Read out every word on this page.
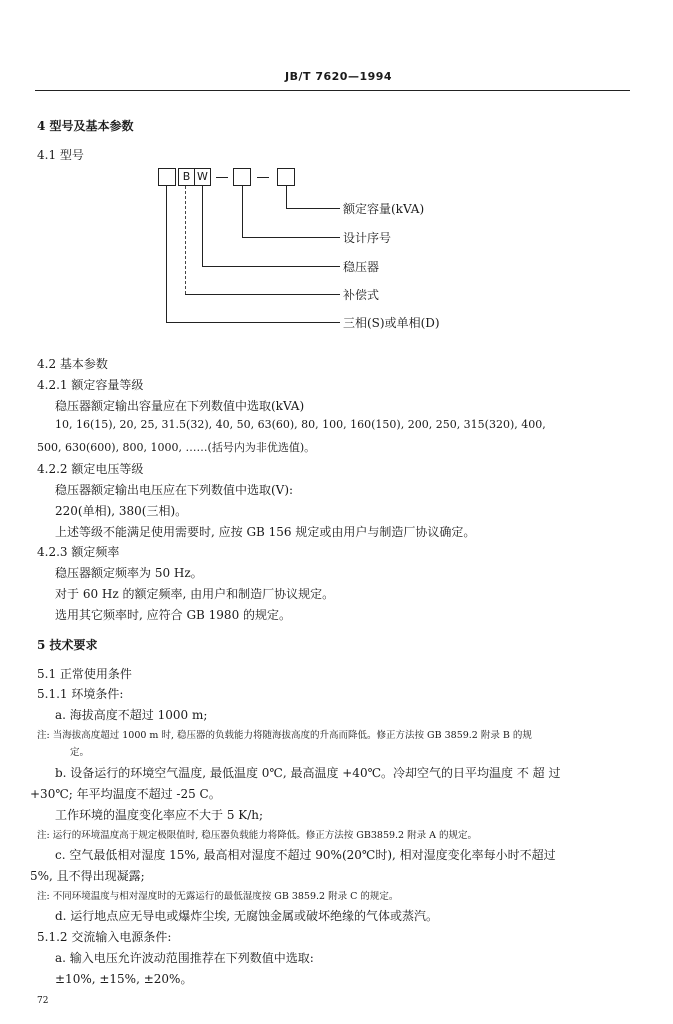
JB/T 7620—1994
4 型号及基本参数
4.1 型号
B W
额定容量(kVA)
设计序号
稳压器
补偿式
三相(S)或单相(D)
4.2 基本参数
4.2.1 额定容量等级
稳压器额定输出容量应在下列数值中选取(kVA)
10, 16(15), 20, 25, 31.5(32), 40, 50, 63(60), 80, 100, 160(150), 200, 250, 315(320), 400,
500, 630(600), 800, 1000, ……(括号内为非优选值)。
4.2.2 额定电压等级
稳压器额定输出电压应在下列数值中选取(V):
220(单相), 380(三相)。
上述等级不能满足使用需要时, 应按 GB 156 规定或由用户与制造厂协议确定。
4.2.3 额定频率
稳压器额定频率为 50 Hz。
对于 60 Hz 的额定频率, 由用户和制造厂协议规定。
选用其它频率时, 应符合 GB 1980 的规定。
5 技术要求
5.1 正常使用条件
5.1.1 环境条件:
a. 海拔高度不超过 1000 m;
注: 当海拔高度超过 1000 m 时, 稳压器的负载能力将随海拔高度的升高而降低。修正方法按 GB 3859.2 附录 B 的规
定。
b. 设备运行的环境空气温度, 最低温度 0℃, 最高温度 +40℃。冷却空气的日平均温度 不 超 过
+30℃; 年平均温度不超过 -25 C。
工作环境的温度变化率应不大于 5 K/h;
注: 运行的环境温度高于规定极限值时, 稳压器负载能力将降低。修正方法按 GB3859.2 附录 A 的规定。
c. 空气最低相对湿度 15%, 最高相对湿度不超过 90%(20℃时), 相对湿度变化率每小时不超过
5%, 且不得出现凝露;
注: 不同环境温度与相对湿度时的无露运行的最低湿度按 GB 3859.2 附录 C 的规定。
d. 运行地点应无导电或爆炸尘埃, 无腐蚀金属或破坏绝缘的气体或蒸汽。
5.1.2 交流输入电源条件:
a. 输入电压允许波动范围推荐在下列数值中选取:
±10%, ±15%, ±20%。
72
